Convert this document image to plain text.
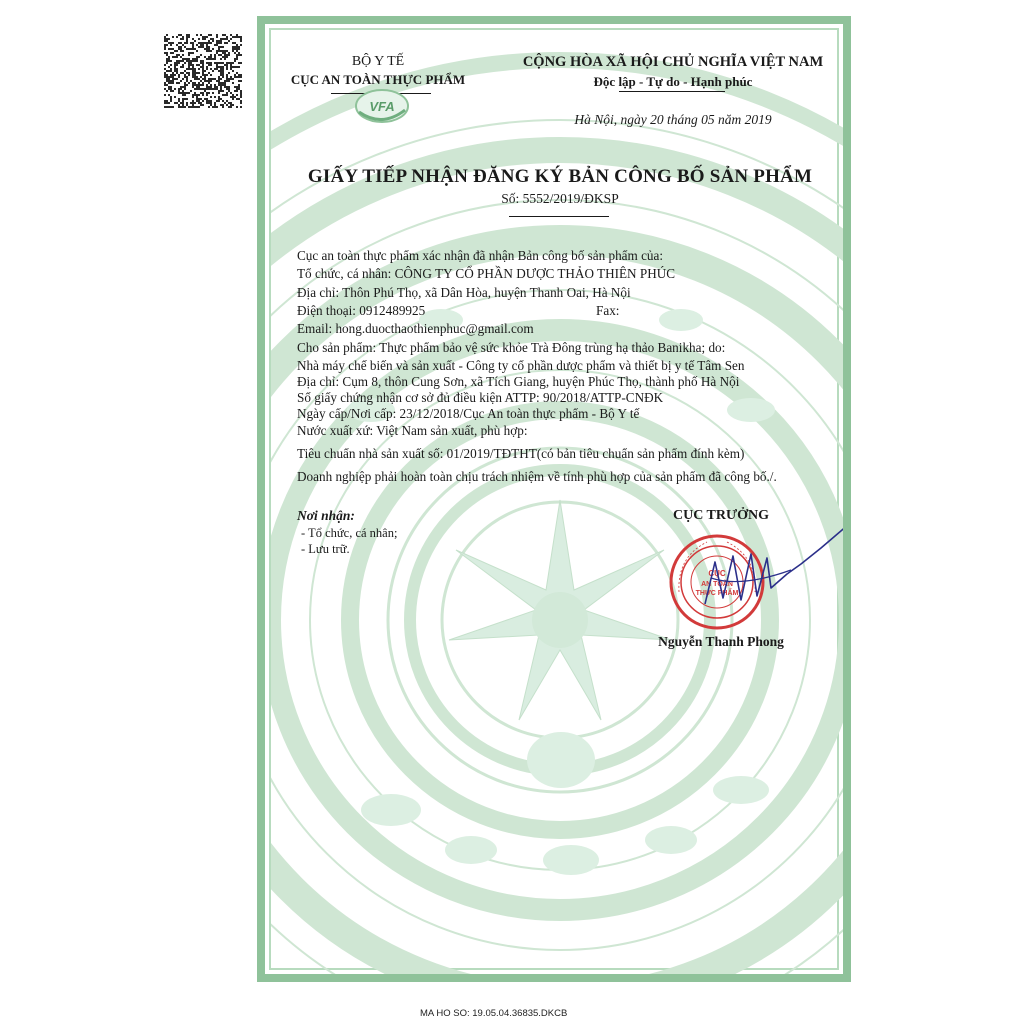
BỘ Y TẾ
CỤC AN TOÀN THỰC PHẨM
VFA
CỘNG HÒA XÃ HỘI CHỦ NGHĨA VIỆT NAM
Độc lập - Tự do - Hạnh phúc
Hà Nội, ngày 20 tháng 05 năm 2019
GIẤY TIẾP NHẬN ĐĂNG KÝ BẢN CÔNG BỐ SẢN PHẨM
Số: 5552/2019/ĐKSP
Cục an toàn thực phẩm xác nhận đã nhận Bản công bố sản phẩm của:
Tổ chức, cá nhân: CÔNG TY CỔ PHẦN DƯỢC THẢO THIÊN PHÚC
Địa chỉ: Thôn Phú Thọ, xã Dân Hòa, huyện Thanh Oai, Hà Nội
Điện thoại: 0912489925	Fax:
Email: hong.duocthaothienphuc@gmail.com
Cho sản phẩm: Thực phẩm bảo vệ sức khỏe Trà Đông trùng hạ thảo Banikha; do:
Nhà máy chế biến và sản xuất - Công ty cổ phần dược phẩm và thiết bị y tế Tâm Sen
Địa chỉ: Cụm 8, thôn Cung Sơn, xã Tích Giang, huyện Phúc Thọ, thành phố Hà Nội
Số giấy chứng nhận cơ sở đủ điều kiện ATTP: 90/2018/ATTP-CNĐK
Ngày cấp/Nơi cấp: 23/12/2018/Cục An toàn thực phẩm - Bộ Y tế
Nước xuất xứ: Việt Nam sản xuất, phù hợp:
Tiêu chuẩn nhà sản xuất số: 01/2019/TĐTHT(có bản tiêu chuẩn sản phẩm đính kèm)
Doanh nghiệp phải hoàn toàn chịu trách nhiệm về tính phù hợp của sản phẩm đã công bố./.
Nơi nhận:
- Tổ chức, cá nhân;
- Lưu trữ.
CỤC TRƯỞNG
CỤC
AN TOÀN
THỰC PHẨM
Nguyễn Thanh Phong
MA HO SO: 19.05.04.36835.DKCB
